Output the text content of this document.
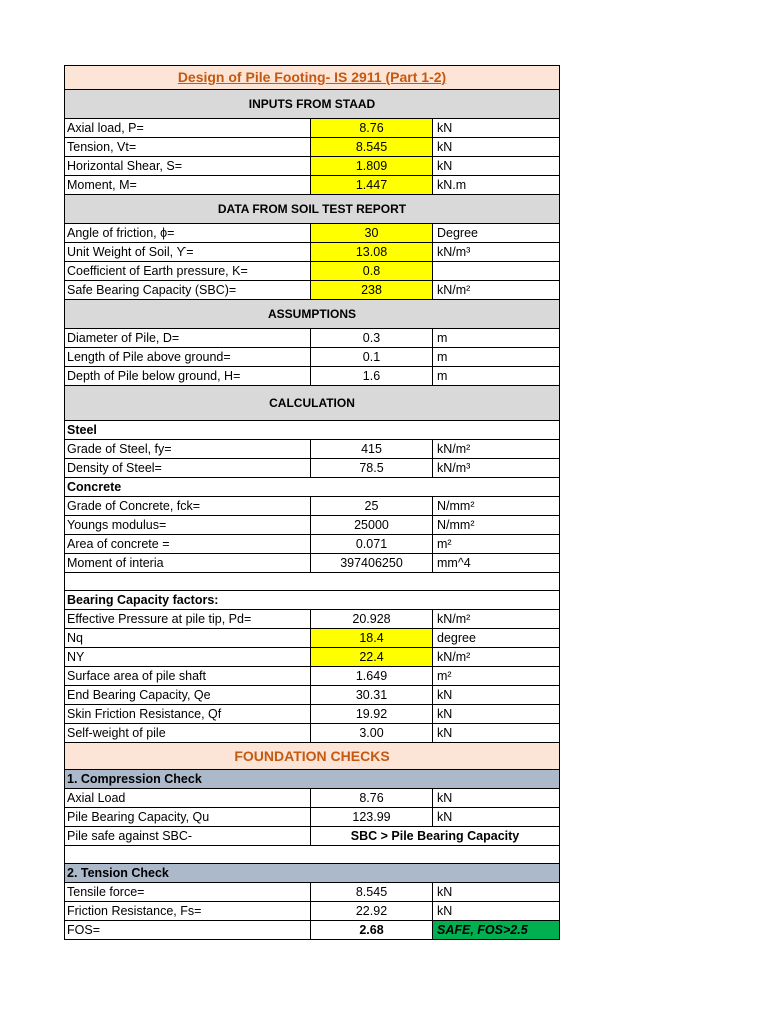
Design of Pile Footing- IS 2911 (Part 1-2)		
INPUTS FROM STAAD		
Axial load, P=	8.76	kN
Tension, Vt=	8.545	kN
Horizontal Shear, S=	1.809	kN
Moment, M=	1.447	kN.m
DATA FROM SOIL TEST REPORT		
Angle of friction, ϕ=	30	Degree
Unit Weight of Soil, ϒ=	13.08	kN/m³
Coefficient of Earth pressure, K=	0.8	
Safe Bearing Capacity (SBC)=	238	kN/m²
ASSUMPTIONS		
Diameter of Pile, D=	0.3	m
Length of Pile above ground=	0.1	m
Depth of Pile below ground, H=	1.6	m
CALCULATION		
Steel		
Grade of Steel, fy=	415	kN/m²
Density of Steel=	78.5	kN/m³
Concrete		
Grade of Concrete, fck=	25	N/mm²
Youngs modulus=	25000	N/mm²
Area of concrete =	0.071	m²
Moment of interia	397406250	mm^4

Bearing Capacity factors:		
Effective Pressure at pile tip, Pd=	20.928	kN/m²
Nq	18.4	degree
NY	22.4	kN/m²
Surface area of pile shaft	1.649	m²
End Bearing Capacity, Qe	30.31	kN
Skin Friction Resistance, Qf	19.92	kN
Self-weight of pile	3.00	kN
FOUNDATION CHECKS		
1. Compression Check		
Axial Load	8.76	kN
Pile Bearing Capacity, Qu	123.99	kN
Pile safe against SBC-	SBC > Pile Bearing Capacity	

2. Tension Check		
Tensile force=	8.545	kN
Friction Resistance, Fs=	22.92	kN
FOS=	2.68	SAFE, FOS>2.5
